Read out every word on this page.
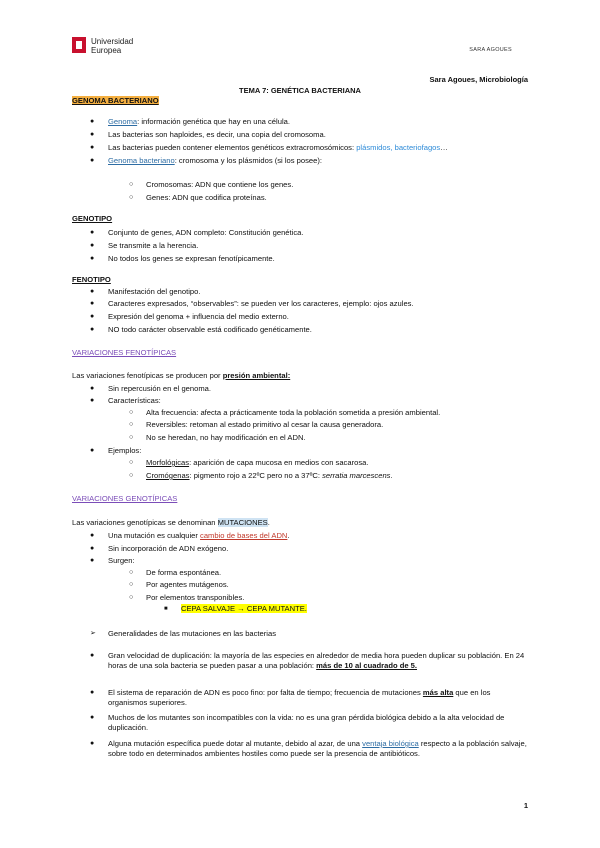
Universidad
Europea	SARA AGOUES
Sara Agoues, Microbiología
TEMA 7: GENÉTICA BACTERIANA
GENOMA BACTERIANO
● Genoma: información genética que hay en una célula.
● Las bacterias son haploides, es decir, una copia del cromosoma.
● Las bacterias pueden contener elementos genéticos extracromosómicos: plásmidos, bacteriofagos…
● Genoma bacteriano: cromosoma y los plásmidos (si los posee):
○ Cromosomas: ADN que contiene los genes.
○ Genes: ADN que codifica proteínas.
GENOTIPO
● Conjunto de genes, ADN completo: Constitución genética.
● Se transmite a la herencia.
● No todos los genes se expresan fenotípicamente.
FENOTIPO
● Manifestación del genotipo.
● Caracteres expresados, “observables”: se pueden ver los caracteres, ejemplo: ojos azules.
● Expresión del genoma + influencia del medio externo.
● NO todo carácter observable está codificado genéticamente.
VARIACIONES FENOTÍPICAS
Las variaciones fenotípicas se producen por presión ambiental:
● Sin repercusión en el genoma.
● Características:
○ Alta frecuencia: afecta a prácticamente toda la población sometida a presión ambiental.
○ Reversibles: retoman al estado primitivo al cesar la causa generadora.
○ No se heredan, no hay modificación en el ADN.
● Ejemplos:
○ Morfológicas: aparición de capa mucosa en medios con sacarosa.
○ Cromógenas: pigmento rojo a 22ºC pero no a 37ºC: serratia marcescens.
VARIACIONES GENOTÍPICAS
Las variaciones genotípicas se denominan MUTACIONES.
● Una mutación es cualquier cambio de bases del ADN.
● Sin incorporación de ADN exógeno.
● Surgen:
○ De forma espontánea.
○ Por agentes mutágenos.
○ Por elementos transponibles.
■ CEPA SALVAJE → CEPA MUTANTE.
➢ Generalidades de las mutaciones en las bacterias
● Gran velocidad de duplicación: la mayoría de las especies en alrededor de media hora pueden duplicar su población. En 24 horas de una sola bacteria se pueden pasar a una población: más de 10 al cuadrado de 5.
● El sistema de reparación de ADN es poco fino: por falta de tiempo; frecuencia de mutaciones más alta que en los organismos superiores.
● Muchos de los mutantes son incompatibles con la vida: no es una gran pérdida biológica debido a la alta velocidad de duplicación.
● Alguna mutación específica puede dotar al mutante, debido al azar, de una ventaja biológica respecto a la población salvaje, sobre todo en determinados ambientes hostiles como puede ser la presencia de antibióticos.
1
